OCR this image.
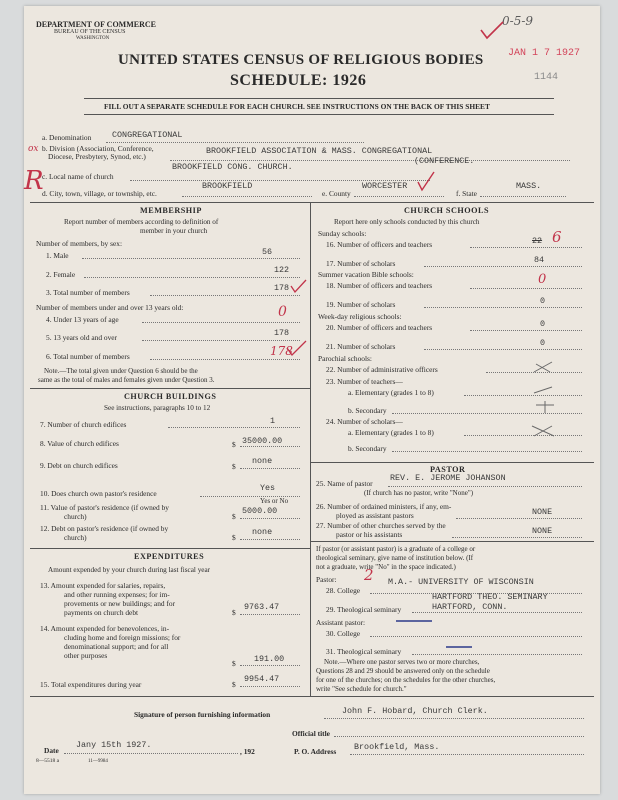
DEPARTMENT OF COMMERCE
BUREAU OF THE CENSUS
WASHINGTON
UNITED STATES CENSUS OF RELIGIOUS BODIES
SCHEDULE: 1926
0-5-9
JAN 1 7 1927
1144
FILL OUT A SEPARATE SCHEDULE FOR EACH CHURCH. SEE INSTRUCTIONS ON THE BACK OF THIS SHEET
ox
R
a. Denomination CONGREGATIONAL
b. Division (Association, Conference,
Diocese, Presbytery, Synod, etc.)
BROOKFIELD ASSOCIATION & MASS. CONGREGATIONAL
(CONFERENCE.
c. Local name of church
BROOKFIELD CONG. CHURCH.
d. City, town, village, or township, etc.
BROOKFIELD
e. County
WORCESTER
f. State
MASS.
MEMBERSHIP
Report number of members according to definition of
member in your church
Number of members, by sex:
1. Male	56
2. Female	122
3. Total number of members	178
Number of members under and over 13 years old:
4. Under 13 years of age	0
5. 13 years old and over	178
6. Total number of members	178
Note.—The total given under Question 6 should be the
same as the total of males and females given under Question 3.
CHURCH BUILDINGS
See instructions, paragraphs 10 to 12
7. Number of church edifices	1
8. Value of church edifices	$ 35000.00
9. Debt on church edifices	$
none
10. Does church own pastor's residence
Yes
Yes or No
11. Value of pastor's residence (if owned by
church)	$
5000.00
12. Debt on pastor's residence (if owned by
church)	$
none
EXPENDITURES
Amount expended by your church during last fiscal year
13. Amount expended for salaries, repairs,
and other running expenses; for im-
provements or new buildings; and for
payments on church debt	$
9763.47
14. Amount expended for benevolences, in-
cluding home and foreign missions; for
denominational support; and for all
other purposes
$ 191.00
15. Total expenditures during year	$
9954.47
CHURCH SCHOOLS
Report here only schools conducted by this church
Sunday schools:
16. Number of officers and teachers	22 6
17. Number of scholars	84
Summer vacation Bible schools:
18. Number of officers and teachers	0
19. Number of scholars	0
Week-day religious schools:
20. Number of officers and teachers	0
21. Number of scholars	0
Parochial schools:
22. Number of administrative officers
23. Number of teachers—
a. Elementary (grades 1 to 8)
b. Secondary
24. Number of scholars—
a. Elementary (grades 1 to 8)
b. Secondary
PASTOR
25. Name of pastor
REV. E. JEROME JOHANSON
(If church has no pastor, write "None")
26. Number of ordained ministers, if any, em-
ployed as assistant pastors	NONE
27. Number of other churches served by the
pastor or his assistants	NONE
If pastor (or assistant pastor) is a graduate of a college or
theological seminary, give name of institution below. (If
not a graduate, write "No" in the space indicated.)
Pastor: 2
28. College
M.A.- UNIVERSITY OF WISCONSIN
29. Theological seminary
HARTFORD THEO. SEMINARY
HARTFORD, CONN.
Assistant pastor:
30. College
31. Theological seminary
Note.—Where one pastor serves two or more churches,
Questions 28 and 29 should be answered only on the schedule
for one of the churches; on the schedules for the other churches,
write "See schedule for church."
Signature of person furnishing information	John F. Hobard, Church Clerk.
Official title
Date
Jany 15th 1927.
, 192	P. O. Address Brookfield, Mass.
8—5518 a	11—9984
